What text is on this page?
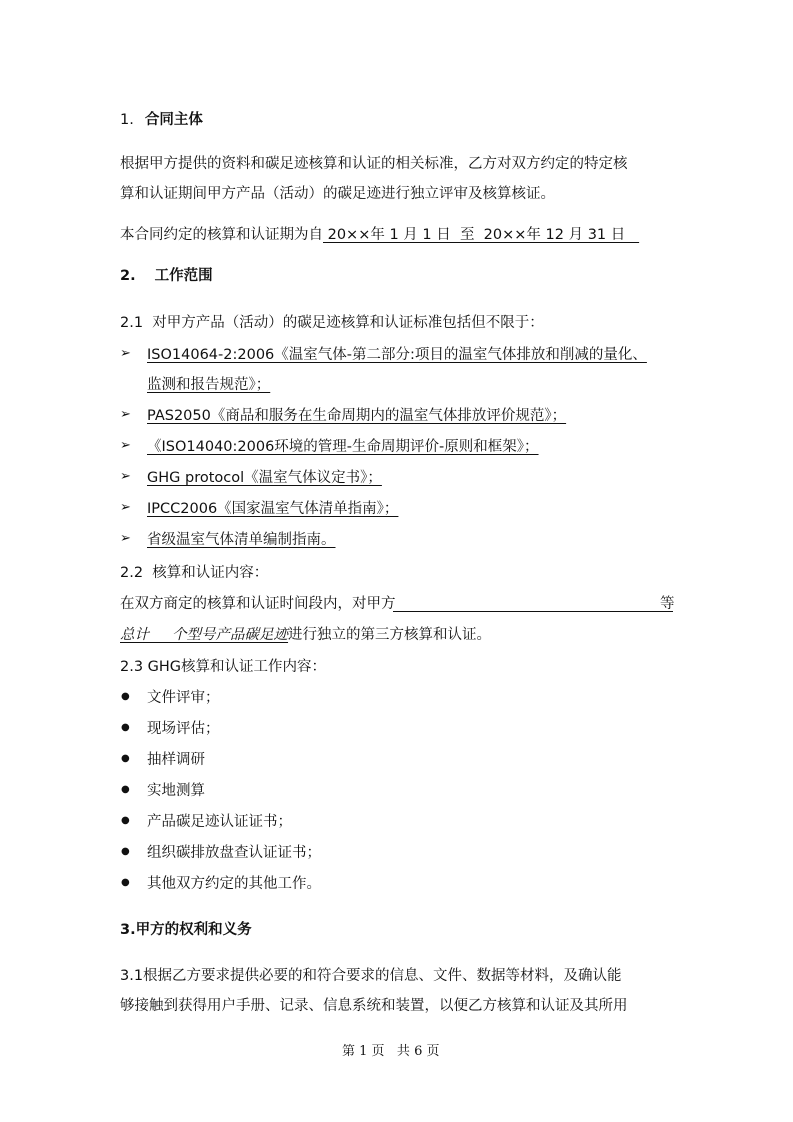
1. 合同主体
根据甲方提供的资料和碳足迹核算和认证的相关标准，乙方对双方约定的特定核
算和认证期间甲方产品（活动）的碳足迹进行独立评审及核算核证。
本合同约定的核算和认证期为自 20××年 1 月 1 日  至  20××年 12 月 31 日
2. 工作范围
2.1  对甲方产品（活动）的碳足迹核算和认证标准包括但不限于：
➢ ISO14064-2:2006《温室气体-第二部分:项目的温室气体排放和削减的量化、
监测和报告规范》；
➢ PAS2050《商品和服务在生命周期内的温室气体排放评价规范》；
➢ 《ISO14040:2006环境的管理-生命周期评价-原则和框架》；
➢ GHG protocol《温室气体议定书》；
➢ IPCC2006《国家温室气体清单指南》；
➢ 省级温室气体清单编制指南。
2.2  核算和认证内容：
在双方商定的核算和认证时间段内，对甲方	等
总计     个型号产品碳足迹进行独立的第三方核算和认证。
2.3 GHG核算和认证工作内容：
● 文件评审；
● 现场评估；
● 抽样调研
● 实地测算
● 产品碳足迹认证证书；
● 组织碳排放盘查认证证书；
● 其他双方约定的其他工作。
3.甲方的权利和义务
3.1根据乙方要求提供必要的和符合要求的信息、文件、数据等材料，及确认能
够接触到获得用户手册、记录、信息系统和装置，以便乙方核算和认证及其所用
第 1 页   共 6 页
